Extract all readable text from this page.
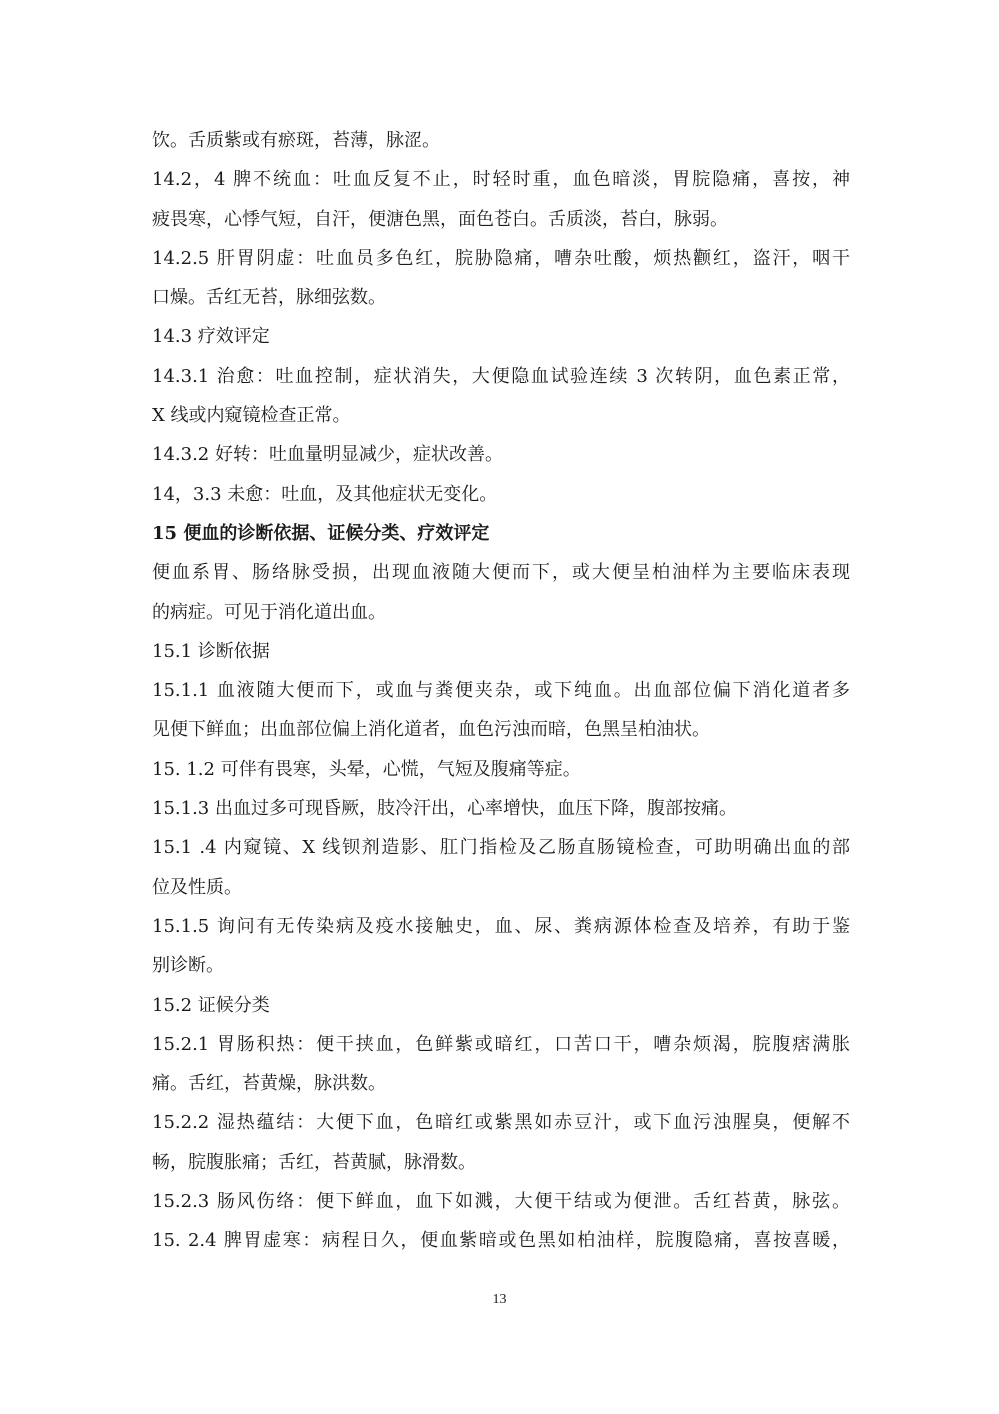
饮。舌质紫或有瘀斑，苔薄，脉涩。
14.2，4 脾不统血：吐血反复不止，时轻时重，血色暗淡，胃脘隐痛，喜按，神
疲畏寒，心悸气短，自汗，便溏色黑，面色苍白。舌质淡，苔白，脉弱。
14.2.5 肝胃阴虚：吐血员多色红，脘胁隐痛，嘈杂吐酸，烦热颧红，盗汗，咽干
口燥。舌红无苔，脉细弦数。
14.3 疗效评定
14.3.1 治愈：吐血控制，症状消失，大便隐血试验连续 3 次转阴，血色素正常，
X 线或内窥镜检查正常。
14.3.2 好转：吐血量明显减少，症状改善。
14，3.3 未愈：吐血，及其他症状无变化。
15 便血的诊断依据、证候分类、疗效评定
便血系胃、肠络脉受损，出现血液随大便而下，或大便呈柏油样为主要临床表现
的病症。可见于消化道出血。
15.1 诊断依据
15.1.1 血液随大便而下，或血与粪便夹杂，或下纯血。出血部位偏下消化道者多
见便下鲜血；出血部位偏上消化道者，血色污浊而暗，色黑呈柏油状。
15. 1.2 可伴有畏寒，头晕，心慌，气短及腹痛等症。
15.1.3 出血过多可现昏厥，肢冷汗出，心率增快，血压下降，腹部按痛。
15.1 .4 内窥镜、X 线钡剂造影、肛门指检及乙肠直肠镜检查，可助明确出血的部
位及性质。
15.1.5 询问有无传染病及疫水接触史，血、尿、粪病源体检查及培养，有助于鉴
别诊断。
15.2 证候分类
15.2.1 胃肠积热：便干挟血，色鲜紫或暗红，口苦口干，嘈杂烦渴，脘腹痞满胀
痛。舌红，苔黄燥，脉洪数。
15.2.2 湿热蕴结：大便下血，色暗红或紫黑如赤豆汁，或下血污浊腥臭，便解不
畅，脘腹胀痛；舌红，苔黄腻，脉滑数。
15.2.3 肠风伤络：便下鲜血，血下如溅，大便干结或为便泄。舌红苔黄，脉弦。
15. 2.4 脾胃虚寒：病程日久，便血紫暗或色黑如柏油样，脘腹隐痛，喜按喜暖，
13
